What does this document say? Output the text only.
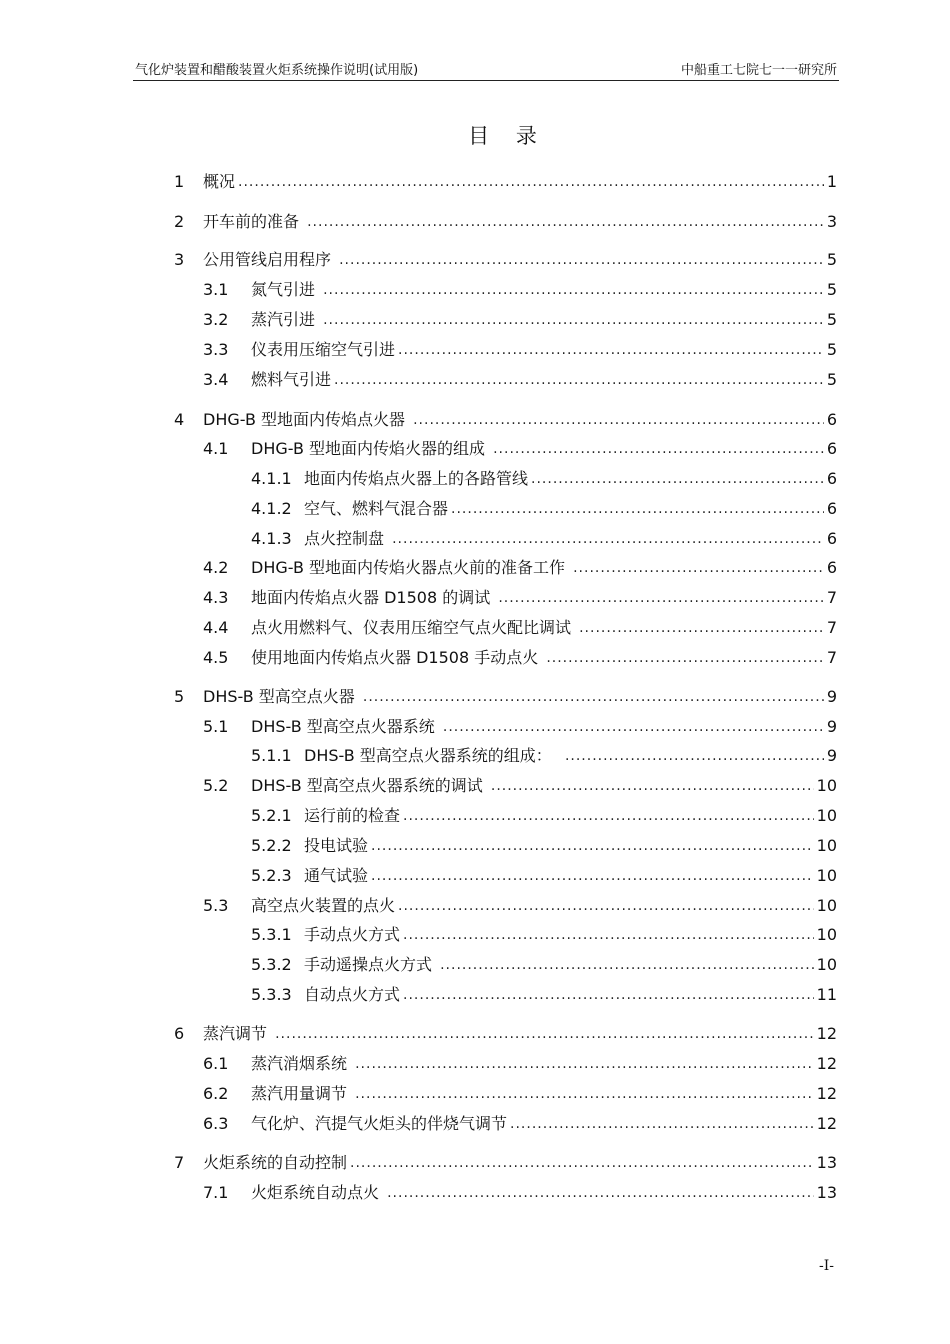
气化炉装置和醋酸装置火炬系统操作说明(试用版)	中船重工七院七一一研究所
目 录
1	概况 .....	1
2	开车前的准备 .....	3
3	公用管线启用程序 .....	5
3.1	氮气引进 .....	5
3.2	蒸汽引进 .....	5
3.3	仪表用压缩空气引进 .....	5
3.4	燃料气引进 .....	5
4	DHG-B 型地面内传焰点火器 .....	6
4.1	DHG-B 型地面内传焰火器的组成 .....	6
4.1.1 地面内传焰点火器上的各路管线 .....	6
4.1.2 空气、燃料气混合器 .....	6
4.1.3 点火控制盘 .....	6
4.2	DHG-B 型地面内传焰火器点火前的准备工作 .....	6
4.3	地面内传焰点火器 D1508 的调试 .....	7
4.4	点火用燃料气、仪表用压缩空气点火配比调试 .....	7
4.5	使用地面内传焰点火器 D1508 手动点火 .....	7
5	DHS-B 型高空点火器 .....	9
5.1	DHS-B 型高空点火器系统 .....	9
5.1.1 DHS-B 型高空点火器系统的组成： .....	9
5.2	DHS-B 型高空点火器系统的调试 .....	10
5.2.1 运行前的检查 .....	10
5.2.2 投电试验 .....	10
5.2.3 通气试验 .....	10
5.3	高空点火装置的点火 .....	10
5.3.1 手动点火方式 .....	10
5.3.2 手动遥操点火方式 .....	10
5.3.3 自动点火方式 .....	11
6	蒸汽调节 .....	12
6.1	蒸汽消烟系统 .....	12
6.2	蒸汽用量调节 .....	12
6.3	气化炉、汽提气火炬头的伴烧气调节 .....	12
7	火炬系统的自动控制 .....	13
7.1	火炬系统自动点火 .....	13
-I-
